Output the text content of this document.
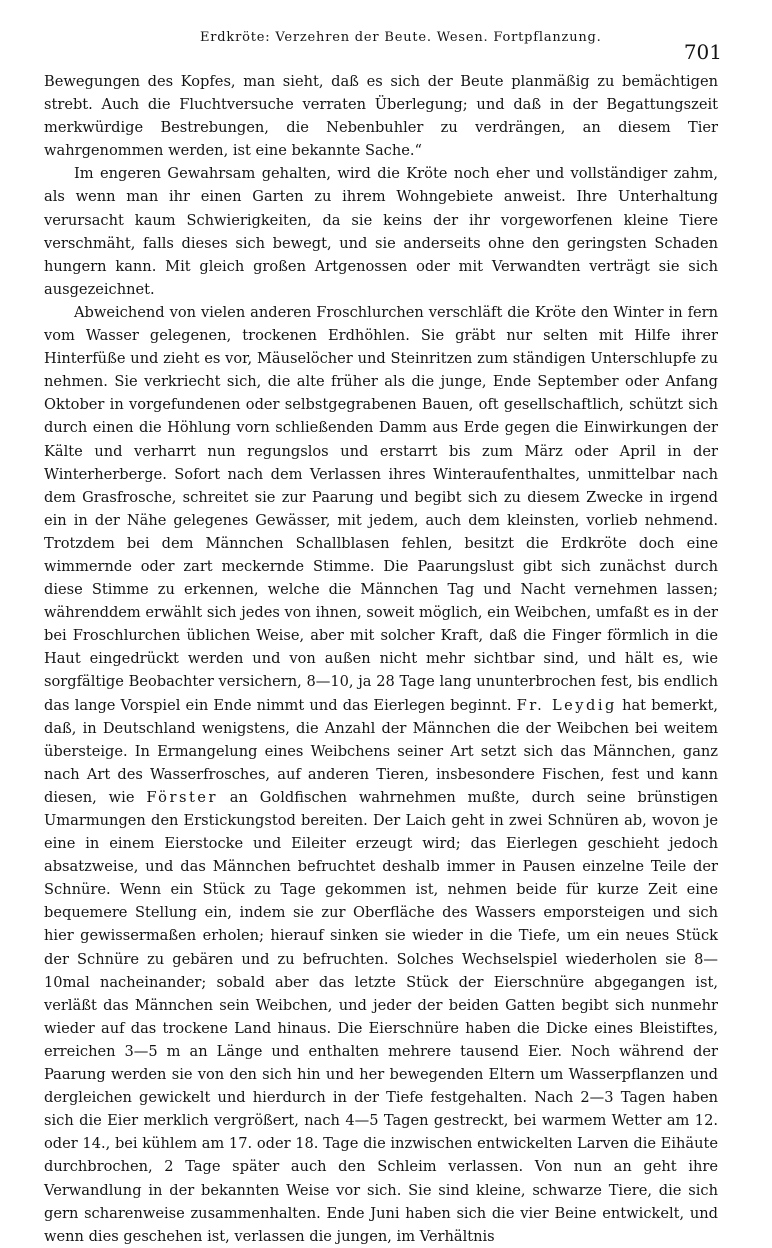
Erdkröte: Verzehren der Beute. Wesen. Fortpflanzung.
701

Bewegungen des Kopfes, man sieht, daß es sich der Beute planmäßig zu bemächtigen strebt. Auch die Fluchtversuche verraten Überlegung; und daß in der Begattungszeit merkwürdige Bestrebungen, die Nebenbuhler zu verdrängen, an diesem Tier wahrgenommen werden, ist eine bekannte Sache.“

Im engeren Gewahrsam gehalten, wird die Kröte noch eher und vollständiger zahm, als wenn man ihr einen Garten zu ihrem Wohngebiete anweist. Ihre Unterhaltung verursacht kaum Schwierigkeiten, da sie keins der ihr vorgeworfenen kleine Tiere verschmäht, falls dieses sich bewegt, und sie anderseits ohne den geringsten Schaden hungern kann. Mit gleich großen Artgenossen oder mit Verwandten verträgt sie sich ausgezeichnet.

Abweichend von vielen anderen Froschlurchen verschläft die Kröte den Winter in fern vom Wasser gelegenen, trockenen Erdhöhlen. Sie gräbt nur selten mit Hilfe ihrer Hinterfüße und zieht es vor, Mäuselöcher und Steinritzen zum ständigen Unterschlupfe zu nehmen. Sie verkriecht sich, die alte früher als die junge, Ende September oder Anfang Oktober in vorgefundenen oder selbstgegrabenen Bauen, oft gesellschaftlich, schützt sich durch einen die Höhlung vorn schließenden Damm aus Erde gegen die Einwirkungen der Kälte und verharrt nun regungslos und erstarrt bis zum März oder April in der Winterherberge. Sofort nach dem Verlassen ihres Winteraufenthaltes, unmittelbar nach dem Grasfrosche, schreitet sie zur Paarung und begibt sich zu diesem Zwecke in irgend ein in der Nähe gelegenes Gewässer, mit jedem, auch dem kleinsten, vorlieb nehmend. Trotzdem bei dem Männchen Schallblasen fehlen, besitzt die Erdkröte doch eine wimmernde oder zart meckernde Stimme. Die Paarungslust gibt sich zunächst durch diese Stimme zu erkennen, welche die Männchen Tag und Nacht vernehmen lassen; währenddem erwählt sich jedes von ihnen, soweit möglich, ein Weibchen, umfaßt es in der bei Froschlurchen üblichen Weise, aber mit solcher Kraft, daß die Finger förmlich in die Haut eingedrückt werden und von außen nicht mehr sichtbar sind, und hält es, wie sorgfältige Beobachter versichern, 8—10, ja 28 Tage lang ununterbrochen fest, bis endlich das lange Vorspiel ein Ende nimmt und das Eierlegen beginnt. Fr. Leydig hat bemerkt, daß, in Deutschland wenigstens, die Anzahl der Männchen die der Weibchen bei weitem übersteige. In Ermangelung eines Weibchens seiner Art setzt sich das Männchen, ganz nach Art des Wasserfrosches, auf anderen Tieren, insbesondere Fischen, fest und kann diesen, wie Förster an Goldfischen wahrnehmen mußte, durch seine brünstigen Umarmungen den Erstickungstod bereiten. Der Laich geht in zwei Schnüren ab, wovon je eine in einem Eierstocke und Eileiter erzeugt wird; das Eierlegen geschieht jedoch absatzweise, und das Männchen befruchtet deshalb immer in Pausen einzelne Teile der Schnüre. Wenn ein Stück zu Tage gekommen ist, nehmen beide für kurze Zeit eine bequemere Stellung ein, indem sie zur Oberfläche des Wassers emporsteigen und sich hier gewissermaßen erholen; hierauf sinken sie wieder in die Tiefe, um ein neues Stück der Schnüre zu gebären und zu befruchten. Solches Wechselspiel wiederholen sie 8—10mal nacheinander; sobald aber das letzte Stück der Eierschnüre abgegangen ist, verläßt das Männchen sein Weibchen, und jeder der beiden Gatten begibt sich nunmehr wieder auf das trockene Land hinaus. Die Eierschnüre haben die Dicke eines Bleistiftes, erreichen 3—5 m an Länge und enthalten mehrere tausend Eier. Noch während der Paarung werden sie von den sich hin und her bewegenden Eltern um Wasserpflanzen und dergleichen gewickelt und hierdurch in der Tiefe festgehalten. Nach 2—3 Tagen haben sich die Eier merklich vergrößert, nach 4—5 Tagen gestreckt, bei warmem Wetter am 12. oder 14., bei kühlem am 17. oder 18. Tage die inzwischen entwickelten Larven die Eihäute durchbrochen, 2 Tage später auch den Schleim verlassen. Von nun an geht ihre Verwandlung in der bekannten Weise vor sich. Sie sind kleine, schwarze Tiere, die sich gern scharenweise zusammenhalten. Ende Juni haben sich die vier Beine entwickelt, und wenn dies geschehen ist, verlassen die jungen, im Verhältnis
